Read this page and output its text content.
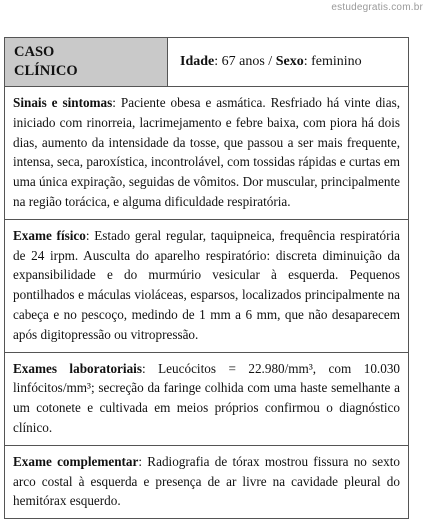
estudegratis.com.br
CASO
CLÍNICO
Idade : 67 anos / Sexo : feminino
Sinais e sintomas: Paciente obesa e asmática. Resfriado há vinte dias, iniciado com rinorreia, lacrimejamento e febre baixa, com piora há dois dias, aumento da intensidade da tosse, que passou a ser mais frequente, intensa, seca, paroxística, incontrolável, com tossidas rápidas e curtas em uma única expiração, seguidas de vômitos. Dor muscular, principalmente na região torácica, e alguma dificuldade respiratória.
Exame físico: Estado geral regular, taquipneica, frequência respiratória de 24 irpm. Ausculta do aparelho respiratório: discreta diminuição da expansibilidade e do murmúrio vesicular à esquerda. Pequenos pontilhados e máculas violáceas, esparsos, localizados principalmente na cabeça e no pescoço, medindo de 1 mm a 6 mm, que não desaparecem após digitopressão ou vitropressão.
Exames laboratoriais: Leucócitos = 22.980/mm³, com 10.030 linfócitos/mm³; secreção da faringe colhida com uma haste semelhante a um cotonete e cultivada em meios próprios confirmou o diagnóstico clínico.
Exame complementar: Radiografia de tórax mostrou fissura no sexto arco costal à esquerda e presença de ar livre na cavidade pleural do hemitórax esquerdo.
